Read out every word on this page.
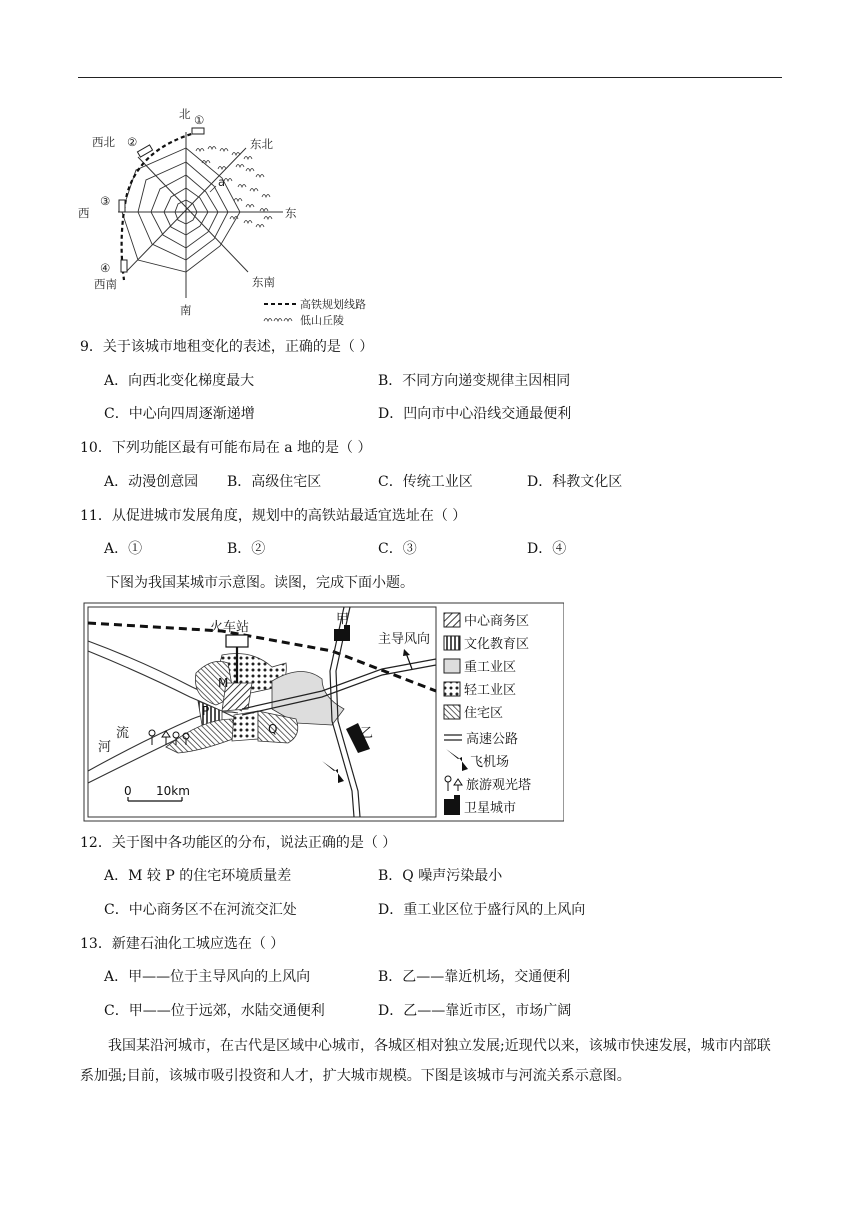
北 ①
西北 ②	东北
西
③
东
a
④
西南	东南
南	高铁规划线路
低山丘陵
9．关于该城市地租变化的表述，正确的是（ ）
A．向西北变化梯度最大	B．不同方向递变规律主因相同
C．中心向四周逐渐递增	D．凹向市中心沿线交通最便利
10．下列功能区最有可能布局在 a 地的是（ ）
A．动漫创意园 B．高级住宅区	C．传统工业区	D．科教文化区
11．从促进城市发展角度，规划中的高铁站最适宜选址在（ ）
A．①	B．②	C．③	D．④
下图为我国某城市示意图。读图，完成下面小题。
火车站
甲
乙
主导风向
河
流
M
P
Q
0 10km
中心商务区
文化教育区
重工业区
轻工业区
住宅区
高速公路
飞机场
旅游观光塔
卫星城市
12．关于图中各功能区的分布，说法正确的是（ ）
A．M 较 P 的住宅环境质量差	B．Q 噪声污染最小
C．中心商务区不在河流交汇处	D．重工业区位于盛行风的上风向
13．新建石油化工城应选在（ ）
A．甲——位于主导风向的上风向	B．乙——靠近机场，交通便利
C．甲——位于远郊，水陆交通便利	D．乙——靠近市区，市场广阔
我国某沿河城市，在古代是区域中心城市，各城区相对独立发展;近现代以来，该城市快速发展，城市内部联系加强;目前，该城市吸引投资和人才，扩大城市规模。下图是该城市与河流关系示意图。
